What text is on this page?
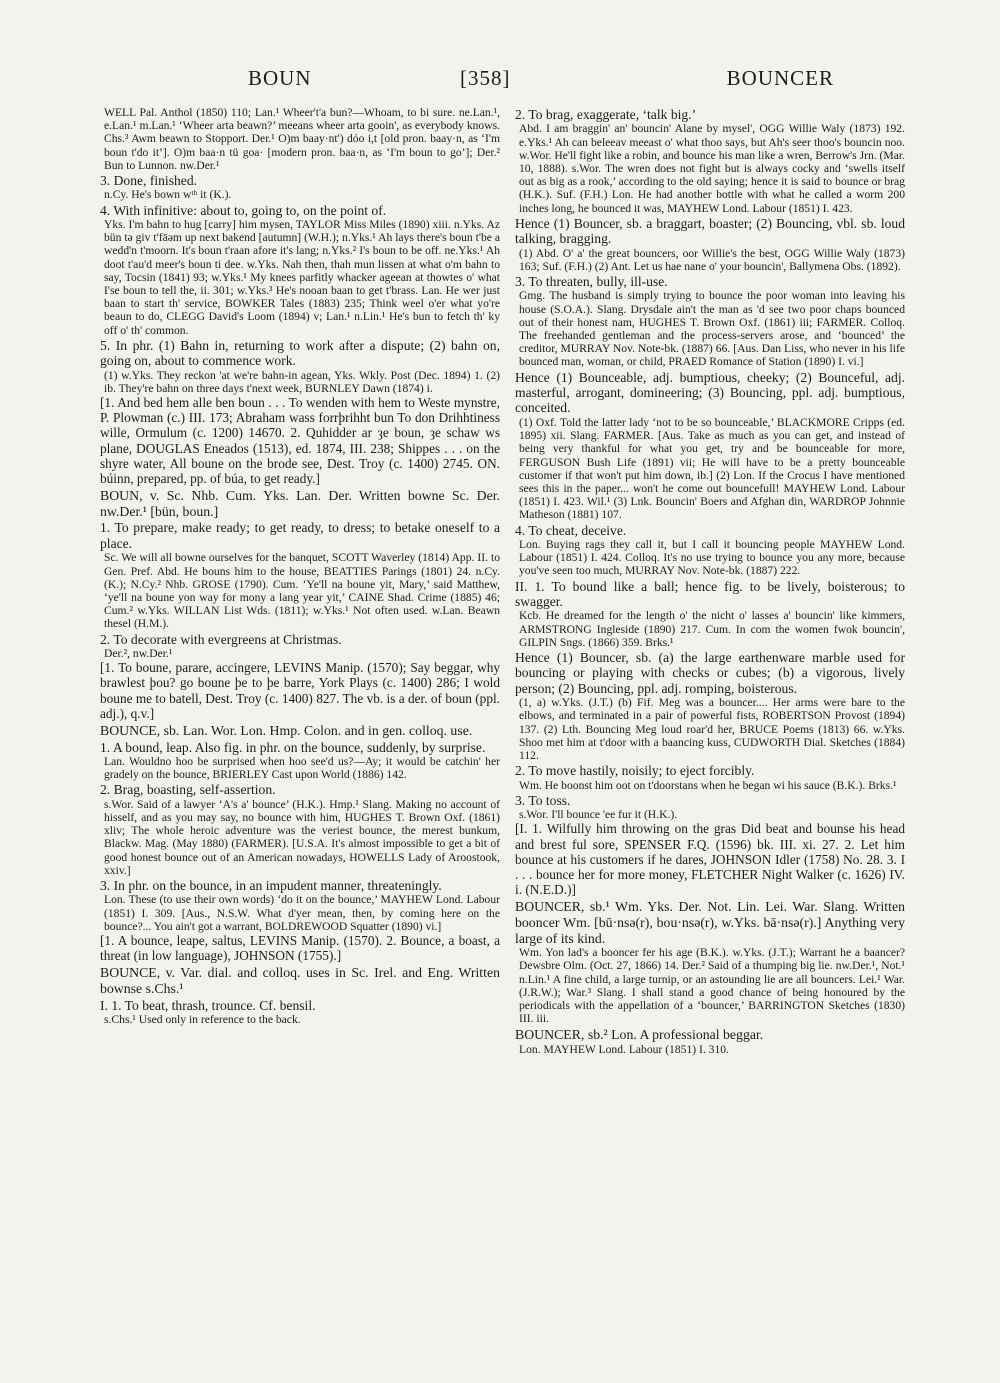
BOUN	[358]	BOUNCER

WELL Pal. Anthol (1850) 110; Lan.¹ Wheer't'a bun?—Whoam, to bi sure. ne.Lan.¹, e.Lan.¹ m.Lan.¹ ‘Wheer arta beawn?’ meeans wheer arta gooin', as everybody knows. Chs.³ Awm beawn to Stopport. Der.¹ O)m baay·nt') dóo i,t [old pron. baay·n, as ‘I'm boun t'do it’]. O)m baa·n tü goa· [modern pron. baa·n, as ‘I'm boun to go’]; Der.² Bun to Lunnon. nw.Der.¹

3. Done, finished.

n.Cy. He's bown wᵗʰ it (K.).

4. With infinitive: about to, going to, on the point of.

Yks. I'm bahn to hug [carry] him mysen, TAYLOR Miss Miles (1890) xiii. n.Yks. Az bün tə giv t'fāəm up next bakend [autumn] (W.H.); n.Yks.¹ Ah lays there's boun t'be a wedd'n t'moorn. It's boun t'raan afore it's lang; n.Yks.² I's boun to be off. ne.Yks.¹ Ah doot t'au'd meer's boun ti dee. w.Yks. Nah then, thah mun lissen at what o'm bahn to say, Tocsin (1841) 93; w.Yks.¹ My knees parfitly whacker ageean at thowtes o' what I'se boun to tell the, ii. 301; w.Yks.³ He's nooan baan to get t'brass. Lan. He wer just baan to start th' service, BOWKER Tales (1883) 235; Think weel o'er what yo're beaun to do, CLEGG David's Loom (1894) v; Lan.¹ n.Lin.¹ He's bun to fetch th' ky off o' th' common.

5. In phr. (1) Bahn in, returning to work after a dispute; (2) bahn on, going on, about to commence work.

(1) w.Yks. They reckon 'at we're bahn-in agean, Yks. Wkly. Post (Dec. 1894) 1. (2) ib. They're bahn on three days t'next week, BURNLEY Dawn (1874) i.

[1. And bed hem alle ben boun . . . To wenden with hem to Weste mynstre, P. Plowman (c.) III. 173; Abraham wass forrþrihht bun To don Drihhtiness wille, Ormulum (c. 1200) 14670. 2. Quhidder ar ȝe boun, ȝe schaw ws plane, DOUGLAS Eneados (1513), ed. 1874, III. 238; Shippes . . . on the shyre water, All boune on the brode see, Dest. Troy (c. 1400) 2745. ON. búinn, prepared, pp. of búa, to get ready.]

BOUN, v. Sc. Nhb. Cum. Yks. Lan. Der. Written bowne Sc. Der. nw.Der.¹ [bün, boun.]

1. To prepare, make ready; to get ready, to dress; to betake oneself to a place.

Sc. We will all bowne ourselves for the banquet, SCOTT Waverley (1814) App. II. to Gen. Pref. Abd. He bouns him to the house, BEATTIES Parings (1801) 24. n.Cy. (K.); N.Cy.² Nhb. GROSE (1790). Cum. ‘Ye'll na boune yit, Mary,’ said Matthew, ‘ye'll na boune yon way for mony a lang year yit,’ CAINE Shad. Crime (1885) 46; Cum.² w.Yks. WILLAN List Wds. (1811); w.Yks.¹ Not often used. w.Lan. Beawn thesel (H.M.).

2. To decorate with evergreens at Christmas.

Der.², nw.Der.¹

[1. To boune, parare, accingere, LEVINS Manip. (1570); Say beggar, why brawlest þou? go boune þe to þe barre, York Plays (c. 1400) 286; I wold boune me to batell, Dest. Troy (c. 1400) 827. The vb. is a der. of boun (ppl. adj.), q.v.]

BOUNCE, sb. Lan. Wor. Lon. Hmp. Colon. and in gen. colloq. use.

1. A bound, leap. Also fig. in phr. on the bounce, suddenly, by surprise.

Lan. Wouldno hoo be surprised when hoo see'd us?—Ay; it would be catchin' her gradely on the bounce, BRIERLEY Cast upon World (1886) 142.

2. Brag, boasting, self-assertion.

s.Wor. Said of a lawyer ‘A's a' bounce’ (H.K.). Hmp.¹ Slang. Making no account of hisself, and as you may say, no bounce with him, HUGHES T. Brown Oxf. (1861) xliv; The whole heroic adventure was the veriest bounce, the merest bunkum, Blackw. Mag. (May 1880) (FARMER). [U.S.A. It's almost impossible to get a bit of good honest bounce out of an American nowadays, HOWELLS Lady of Aroostook, xxiv.]

3. In phr. on the bounce, in an impudent manner, threateningly.

Lon. These (to use their own words) ‘do it on the bounce,’ MAYHEW Lond. Labour (1851) I. 309. [Aus., N.S.W. What d'yer mean, then, by coming here on the bounce?... You ain't got a warrant, BOLDREWOOD Squatter (1890) vi.]

[1. A bounce, leape, saltus, LEVINS Manip. (1570). 2. Bounce, a boast, a threat (in low language), JOHNSON (1755).]

BOUNCE, v. Var. dial. and colloq. uses in Sc. Irel. and Eng. Written bownse s.Chs.¹

I. 1. To beat, thrash, trounce. Cf. bensil.

s.Chs.¹ Used only in reference to the back.

2. To brag, exaggerate, ‘talk big.’

Abd. I am braggin' an' bouncin' Alane by mysel', OGG Willie Waly (1873) 192. e.Yks.¹ Ah can beleeav meeast o' what thoo says, but Ah's seer thoo's bouncin noo. w.Wor. He'll fight like a robin, and bounce his man like a wren, Berrow's Jrn. (Mar. 10, 1888). s.Wor. The wren does not fight but is always cocky and ‘swells itself out as big as a rook,’ according to the old saying; hence it is said to bounce or brag (H.K.). Suf. (F.H.) Lon. He had another bottle with what he called a worm 200 inches long, he bounced it was, MAYHEW Lond. Labour (1851) I. 423.

Hence (1) Bouncer, sb. a braggart, boaster; (2) Bouncing, vbl. sb. loud talking, bragging.

(1) Abd. O' a' the great bouncers, oor Willie's the best, OGG Willie Waly (1873) 163; Suf. (F.H.) (2) Ant. Let us hae nane o' your bouncin', Ballymena Obs. (1892).

3. To threaten, bully, ill-use.

Gmg. The husband is simply trying to bounce the poor woman into leaving his house (S.O.A.). Slang. Drysdale ain't the man as 'd see two poor chaps bounced out of their honest nam, HUGHES T. Brown Oxf. (1861) iii; FARMER. Colloq. The freehanded gentleman and the process-servers arose, and ‘bounced’ the creditor, MURRAY Nov. Note-bk. (1887) 66. [Aus. Dan Liss, who never in his life bounced man, woman, or child, PRAED Romance of Station (1890) I. vi.]

Hence (1) Bounceable, adj. bumptious, cheeky; (2) Bounceful, adj. masterful, arrogant, domineering; (3) Bouncing, ppl. adj. bumptious, conceited.

(1) Oxf. Told the latter lady ‘not to be so bounceable,’ BLACKMORE Cripps (ed. 1895) xii. Slang. FARMER. [Aus. Take as much as you can get, and instead of being very thankful for what you get, try and be bounceable for more, FERGUSON Bush Life (1891) vii; He will have to be a pretty bounceable customer if that won't put him down, ib.] (2) Lon. If the Crocus I have mentioned sees this in the paper... won't he come out bouncefull! MAYHEW Lond. Labour (1851) I. 423. Wil.¹ (3) Lnk. Bouncin' Boers and Afghan din, WARDROP Johnnie Matheson (1881) 107.

4. To cheat, deceive.

Lon. Buying rags they call it, but I call it bouncing people MAYHEW Lond. Labour (1851) I. 424. Colloq. It's no use trying to bounce you any more, because you've seen too much, MURRAY Nov. Note-bk. (1887) 222.

II. 1. To bound like a ball; hence fig. to be lively, boisterous; to swagger.

Kcb. He dreamed for the length o' the nicht o' lasses a' bouncin' like kimmers, ARMSTRONG Ingleside (1890) 217. Cum. In com the women fwok bouncin', GILPIN Sngs. (1866) 359. Brks.¹

Hence (1) Bouncer, sb. (a) the large earthenware marble used for bouncing or playing with checks or cubes; (b) a vigorous, lively person; (2) Bouncing, ppl. adj. romping, boisterous.

(1, a) w.Yks. (J.T.) (b) Fif. Meg was a bouncer.... Her arms were bare to the elbows, and terminated in a pair of powerful fists, ROBERTSON Provost (1894) 137. (2) Lth. Bouncing Meg loud roar'd her, BRUCE Poems (1813) 66. w.Yks. Shoo met him at t'door with a baancing kuss, CUDWORTH Dial. Sketches (1884) 112.

2. To move hastily, noisily; to eject forcibly.

Wm. He boonst him oot on t'doorstans when he began wi his sauce (B.K.). Brks.¹

3. To toss.

s.Wor. I'll bounce 'ee fur it (H.K.).

[I. 1. Wilfully him throwing on the gras Did beat and bounse his head and brest ful sore, SPENSER F.Q. (1596) bk. III. xi. 27. 2. Let him bounce at his customers if he dares, JOHNSON Idler (1758) No. 28. 3. I . . . bounce her for more money, FLETCHER Night Walker (c. 1626) IV. i. (N.E.D.)]

BOUNCER, sb.¹ Wm. Yks. Der. Not. Lin. Lei. War. Slang. Written booncer Wm. [bū·nsə(r), bou·nsə(r), w.Yks. bā·nsə(r).] Anything very large of its kind.

Wm. Yon lad's a booncer fer his age (B.K.). w.Yks. (J.T.); Warrant he a baancer? Dewsbre Olm. (Oct. 27, 1866) 14. Der.² Said of a thumping big lie. nw.Der.¹, Not.¹ n.Lin.¹ A fine child, a large turnip, or an astounding lie are all bouncers. Lei.¹ War. (J.R.W.); War.³ Slang. I shall stand a good chance of being honoured by the periodicals with the appellation of a ‘bouncer,’ BARRINGTON Sketches (1830) III. iii.

BOUNCER, sb.² Lon. A professional beggar.

Lon. MAYHEW Lond. Labour (1851) I. 310.
